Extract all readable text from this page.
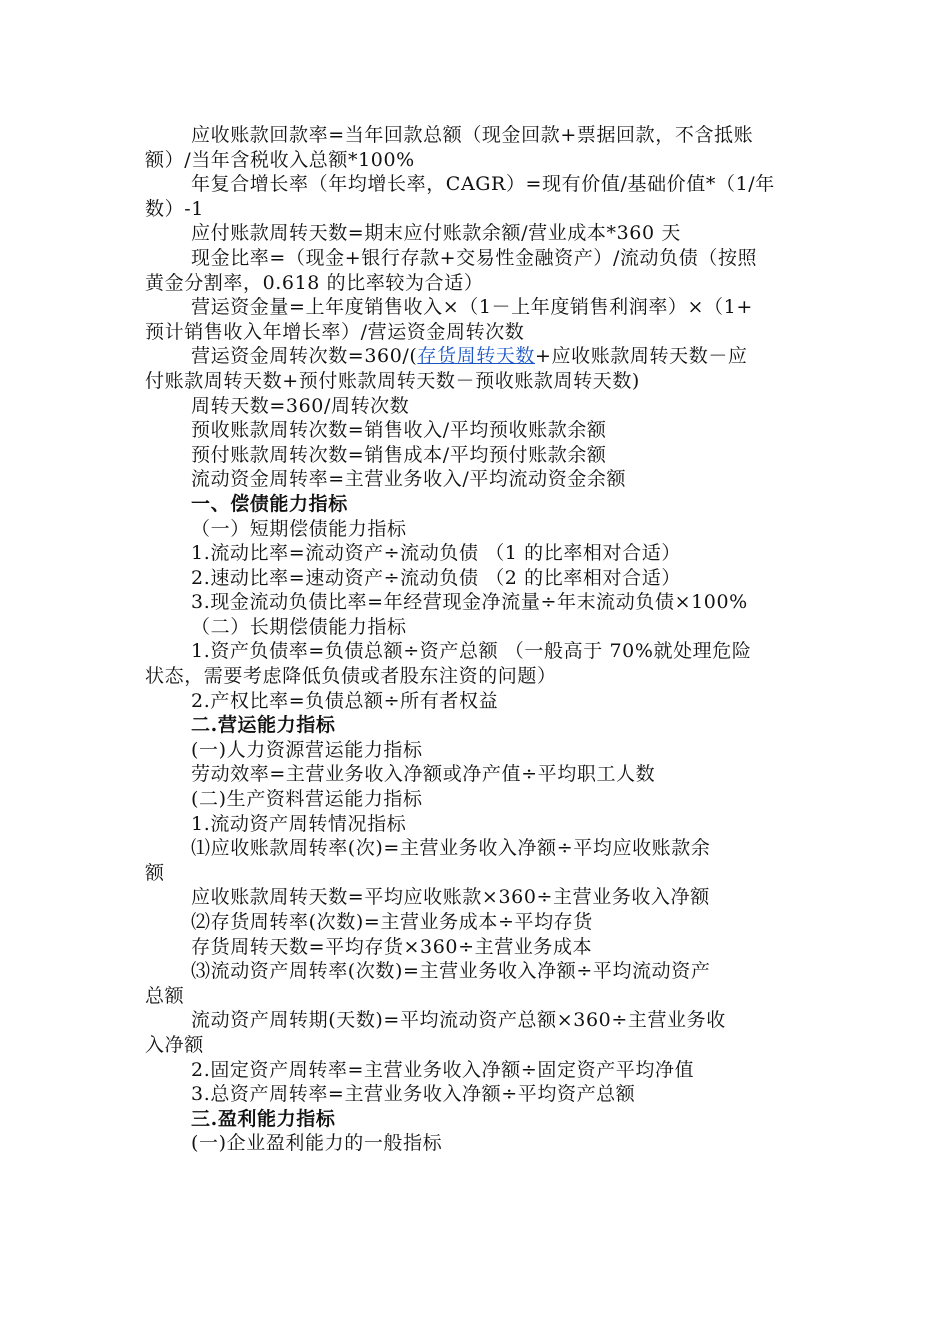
应收账款回款率=当年回款总额（现金回款+票据回款，不含抵账
额）/当年含税收入总额*100%
年复合增长率（年均增长率，CAGR）=现有价值/基础价值*（1/年
数）-1
应付账款周转天数=期末应付账款余额/营业成本*360 天
现金比率=（现金+银行存款+交易性金融资产）/流动负债（按照
黄金分割率，0.618 的比率较为合适）
营运资金量=上年度销售收入×（1－上年度销售利润率）×（1+
预计销售收入年增长率）/营运资金周转次数
营运资金周转次数=360/(存货周转天数+应收账款周转天数－应
付账款周转天数+预付账款周转天数－预收账款周转天数)
周转天数=360/周转次数
预收账款周转次数=销售收入/平均预收账款余额
预付账款周转次数=销售成本/平均预付账款余额
流动资金周转率=主营业务收入/平均流动资金余额
一、偿债能力指标
（一）短期偿债能力指标
1.流动比率=流动资产÷流动负债 （1 的比率相对合适）
2.速动比率=速动资产÷流动负债 （2 的比率相对合适）
3.现金流动负债比率=年经营现金净流量÷年末流动负债×100%
（二）长期偿债能力指标
1.资产负债率=负债总额÷资产总额 （一般高于 70%就处理危险
状态，需要考虑降低负债或者股东注资的问题）
2.产权比率=负债总额÷所有者权益
二.营运能力指标
(一)人力资源营运能力指标
劳动效率=主营业务收入净额或净产值÷平均职工人数
(二)生产资料营运能力指标
1.流动资产周转情况指标
⑴应收账款周转率(次)=主营业务收入净额÷平均应收账款余
额
应收账款周转天数=平均应收账款×360÷主营业务收入净额
⑵存货周转率(次数)=主营业务成本÷平均存货
存货周转天数=平均存货×360÷主营业务成本
⑶流动资产周转率(次数)=主营业务收入净额÷平均流动资产
总额
流动资产周转期(天数)=平均流动资产总额×360÷主营业务收
入净额
2.固定资产周转率=主营业务收入净额÷固定资产平均净值
3.总资产周转率=主营业务收入净额÷平均资产总额
三.盈利能力指标
(一)企业盈利能力的一般指标
